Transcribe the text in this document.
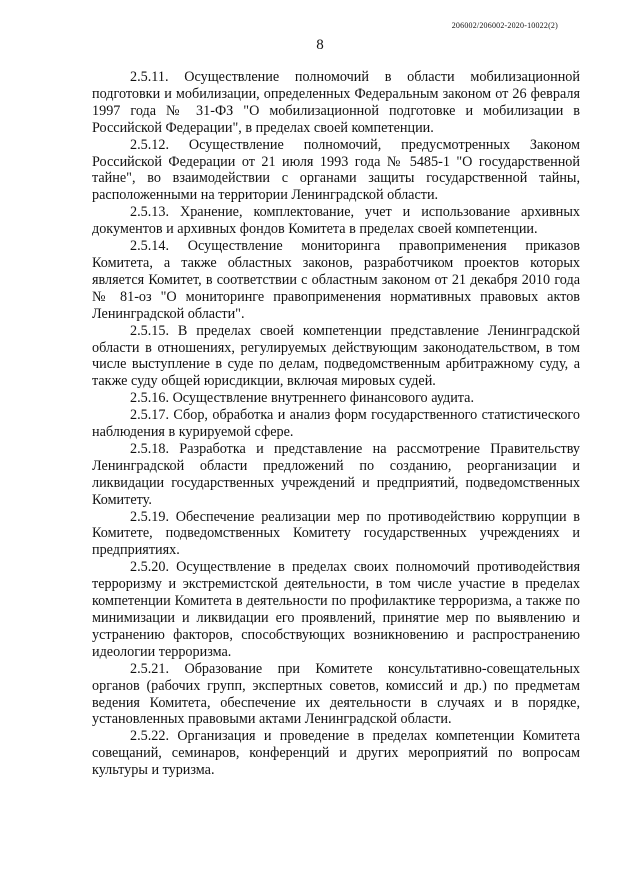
206002/206002-2020-10022(2)
8

2.5.11. Осуществление полномочий в области мобилизационной подготовки и мобилизации, определенных Федеральным законом от 26 февраля 1997 года № 31-ФЗ "О мобилизационной подготовке и мобилизации в Российской Федерации", в пределах своей компетенции.

2.5.12. Осуществление полномочий, предусмотренных Законом Российской Федерации от 21 июля 1993 года № 5485-1 "О государственной тайне", во взаимодействии с органами защиты государственной тайны, расположенными на территории Ленинградской области.

2.5.13. Хранение, комплектование, учет и использование архивных документов и архивных фондов Комитета в пределах своей компетенции.

2.5.14. Осуществление мониторинга правоприменения приказов Комитета, а также областных законов, разработчиком проектов которых является Комитет, в соответствии с областным законом от 21 декабря 2010 года № 81-оз "О мониторинге правоприменения нормативных правовых актов Ленинградской области".

2.5.15. В пределах своей компетенции представление Ленинградской области в отношениях, регулируемых действующим законодательством, в том числе выступление в суде по делам, подведомственным арбитражному суду, а также суду общей юрисдикции, включая мировых судей.

2.5.16. Осуществление внутреннего финансового аудита.

2.5.17. Сбор, обработка и анализ форм государственного статистического наблюдения в курируемой сфере.

2.5.18. Разработка и представление на рассмотрение Правительству Ленинградской области предложений по созданию, реорганизации и ликвидации государственных учреждений и предприятий, подведомственных Комитету.

2.5.19. Обеспечение реализации мер по противодействию коррупции в Комитете, подведомственных Комитету государственных учреждениях и предприятиях.

2.5.20. Осуществление в пределах своих полномочий противодействия терроризму и экстремистской деятельности, в том числе участие в пределах компетенции Комитета в деятельности по профилактике терроризма, а также по минимизации и ликвидации его проявлений, принятие мер по выявлению и устранению факторов, способствующих возникновению и распространению идеологии терроризма.

2.5.21. Образование при Комитете консультативно-совещательных органов (рабочих групп, экспертных советов, комиссий и др.) по предметам ведения Комитета, обеспечение их деятельности в случаях и в порядке, установленных правовыми актами Ленинградской области.

2.5.22. Организация и проведение в пределах компетенции Комитета совещаний, семинаров, конференций и других мероприятий по вопросам культуры и туризма.
